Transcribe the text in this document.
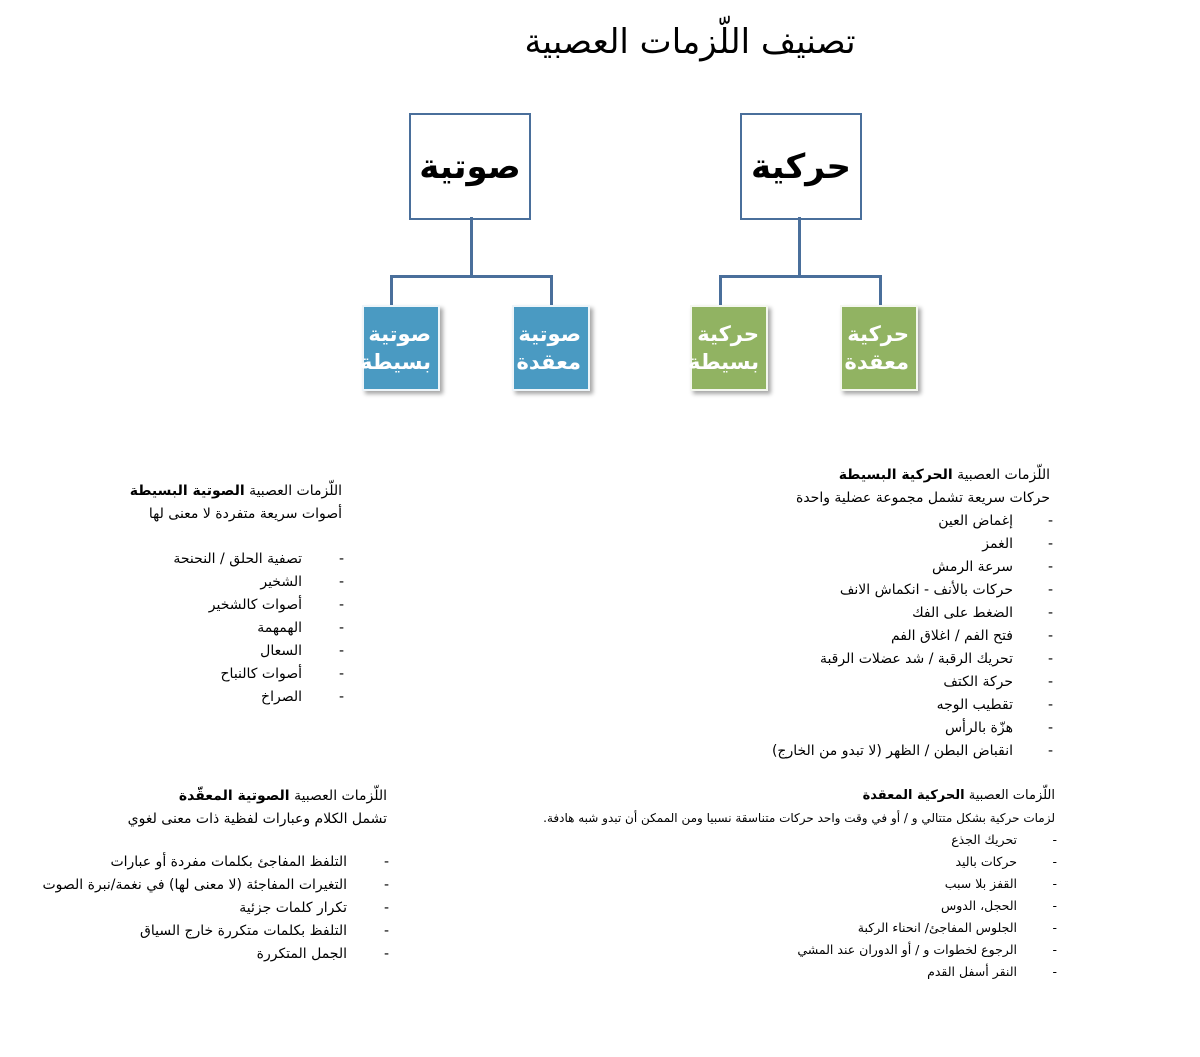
تصنيف اللّزمات العصبية
حركية
صوتية
حركية معقدة
حركية بسيطة
صوتية معقدة
صوتية بسيطة
اللّزمات العصبية الحركية البسيطة
حركات سريعة تشمل مجموعة عضلية واحدة
-
إغماض العين
-
الغمز
-
سرعة الرمش
-
حركات بالأنف - انكماش الانف
-
الضغط على الفك
-
فتح الفم / اغلاق الفم
-
تحريك الرقبة / شد عضلات الرقبة
-
حركة الكتف
-
تقطيب الوجه
-
هزّة بالرأس
-
انقباض البطن / الظهر (لا تبدو من الخارج)
اللّزمات العصبية الصوتية البسيطة
أصوات سريعة متفردة لا معنى لها
-
تصفية الحلق / النحنحة
-
الشخير
-
أصوات كالشخير
-
الهمهمة
-
السعال
-
أصوات كالنباح
-
الصراخ
اللّزمات العصبية الحركية المعقدة
لزمات حركية بشكل متتالي و / أو في وقت واحد حركات متناسقة نسبيا ومن الممكن أن تبدو شبه هادفة.
-
تحريك الجذع
-
حركات باليد
-
القفز بلا سبب
-
الحجل، الدوس
-
الجلوس المفاجئ/ انحناء الركبة
-
الرجوع لخطوات و / أو الدوران عند المشي
-
النقر أسفل القدم
اللّزمات العصبية الصوتية المعقّدة
تشمل الكلام وعبارات لفظية ذات معنى لغوي
-
التلفظ المفاجئ بكلمات مفردة أو عبارات
-
التغيرات المفاجئة (لا معنى لها) في نغمة/نبرة الصوت
-
تكرار كلمات جزئية
-
التلفظ بكلمات متكررة خارج السياق
-
الجمل المتكررة
